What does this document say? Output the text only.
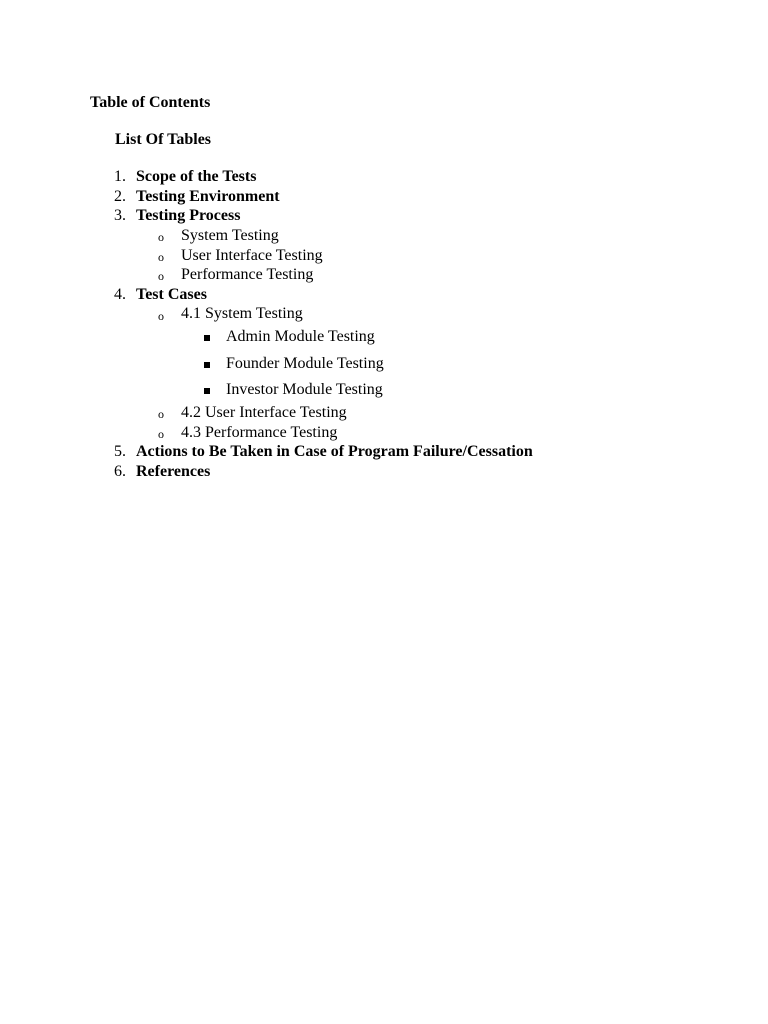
Table of Contents
List Of Tables
1. Scope of the Tests
2. Testing Environment
3. Testing Process
o System Testing
o User Interface Testing
o Performance Testing
4. Test Cases
o 4.1 System Testing
Admin Module Testing
Founder Module Testing
Investor Module Testing
o 4.2 User Interface Testing
o 4.3 Performance Testing
5. Actions to Be Taken in Case of Program Failure/Cessation
6. References
